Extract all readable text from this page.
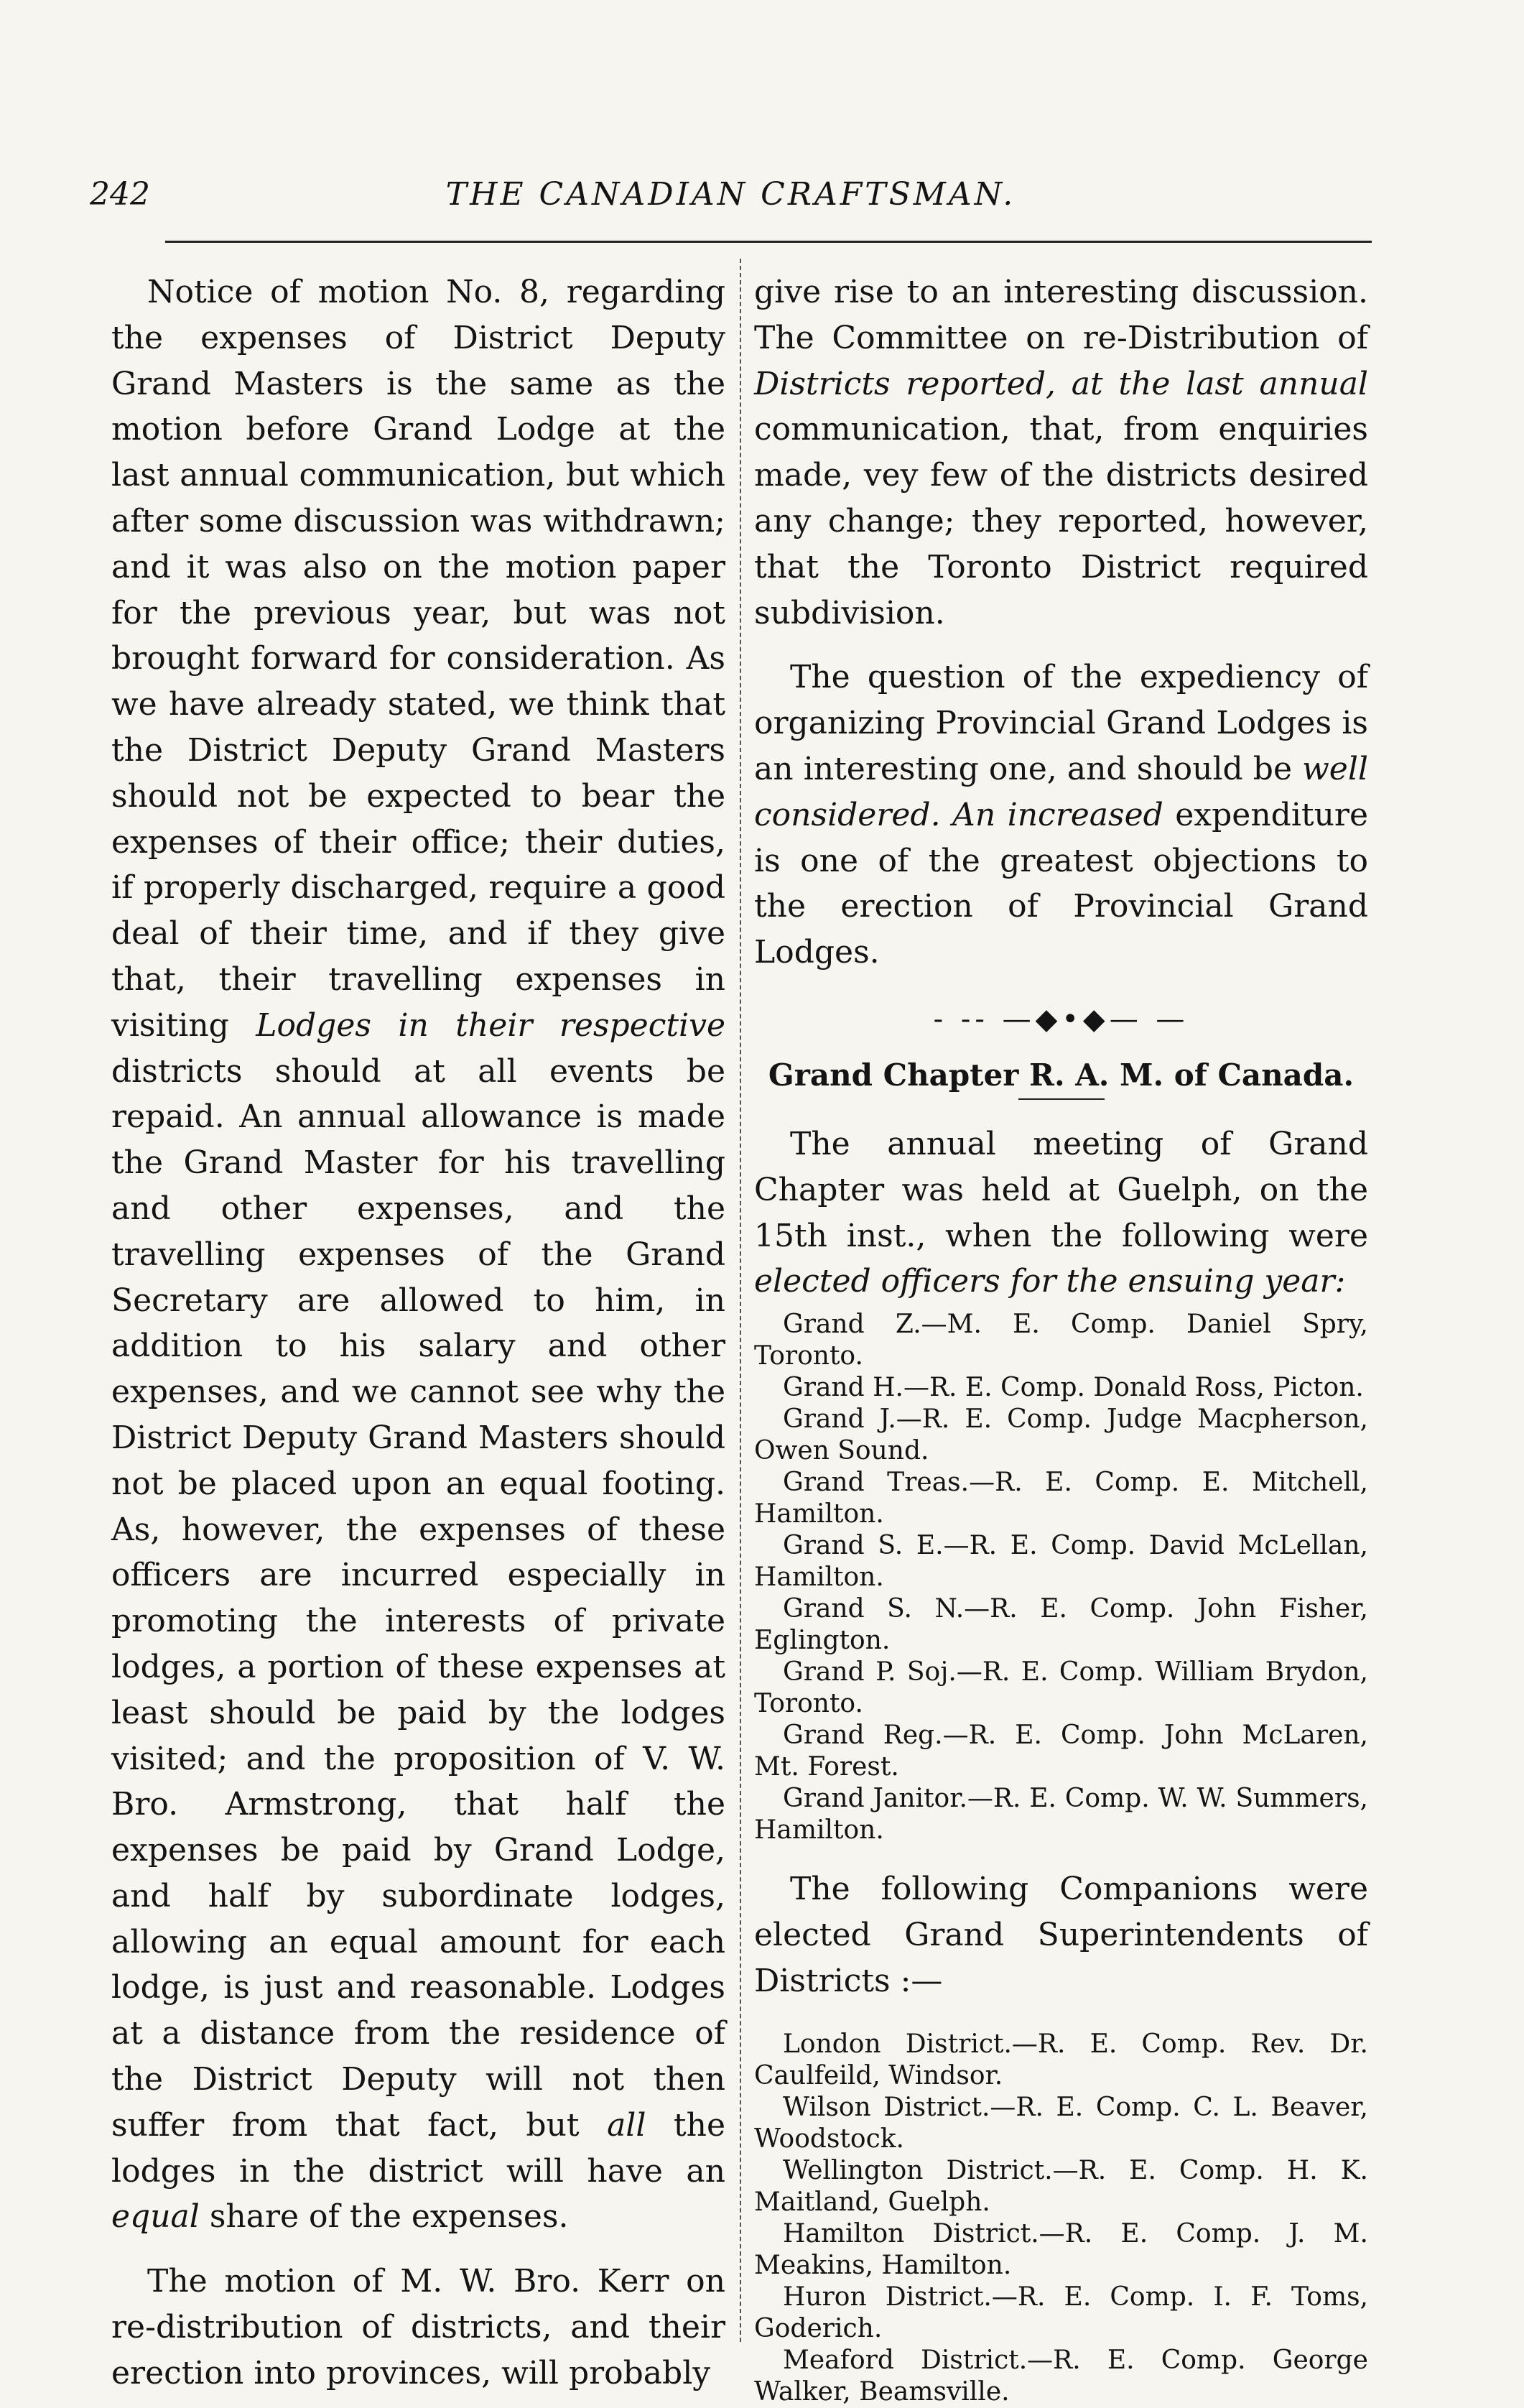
242	THE CANADIAN CRAFTSMAN.

Notice of motion No. 8, regarding the expenses of District Deputy Grand Masters is the same as the motion before Grand Lodge at the last annual communication, but which after some discussion was withdrawn; and it was also on the motion paper for the previous year, but was not brought forward for consideration. As we have already stated, we think that the District Deputy Grand Masters should not be expected to bear the expenses of their office; their duties, if properly discharged, require a good deal of their time, and if they give that, their travelling expenses in visiting Lodges in their respective districts should at all events be repaid. An annual allowance is made the Grand Master for his travelling and other expenses, and the travelling expenses of the Grand Secretary are allowed to him, in addition to his salary and other expenses, and we cannot see why the District Deputy Grand Masters should not be placed upon an equal footing. As, however, the expenses of these officers are incurred especially in promoting the interests of private lodges, a portion of these expenses at least should be paid by the lodges visited; and the proposition of V. W. Bro. Armstrong, that half the expenses be paid by Grand Lodge, and half by subordinate lodges, allowing an equal amount for each lodge, is just and reasonable. Lodges at a distance from the residence of the District Deputy will not then suffer from that fact, but all the lodges in the district will have an equal share of the expenses.

The motion of M. W. Bro. Kerr on re-distribution of districts, and their erection into provinces, will probably

give rise to an interesting discussion. The Committee on re-Distribution of Districts reported, at the last annual communication, that, from enquiries made, vey few of the districts desired any change; they reported, however, that the Toronto District required subdivision.

The question of the expediency of organizing Provincial Grand Lodges is an interesting one, and should be well considered. An increased expenditure is one of the greatest objections to the erection of Provincial Grand Lodges.

- -- —◆•◆— —
Grand Chapter R. A. M. of Canada.

The annual meeting of Grand Chapter was held at Guelph, on the 15th inst., when the following were elected officers for the ensuing year:

Grand Z.—M. E. Comp. Daniel Spry, Toronto.

Grand H.—R. E. Comp. Donald Ross, Picton.

Grand J.—R. E. Comp. Judge Macpherson, Owen Sound.

Grand Treas.—R. E. Comp. E. Mitchell, Hamilton.

Grand S. E.—R. E. Comp. David McLellan, Hamilton.

Grand S. N.—R. E. Comp. John Fisher, Eglington.

Grand P. Soj.—R. E. Comp. William Brydon, Toronto.

Grand Reg.—R. E. Comp. John McLaren, Mt. Forest.

Grand Janitor.—R. E. Comp. W. W. Summers, Hamilton.

The following Companions were elected Grand Superintendents of Districts :—

London District.—R. E. Comp. Rev. Dr. Caulfeild, Windsor.

Wilson District.—R. E. Comp. C. L. Beaver, Woodstock.

Wellington District.—R. E. Comp. H. K. Maitland, Guelph.

Hamilton District.—R. E. Comp. J. M. Meakins, Hamilton.

Huron District.—R. E. Comp. I. F. Toms, Goderich.

Meaford District.—R. E. Comp. George Walker, Beamsville.
